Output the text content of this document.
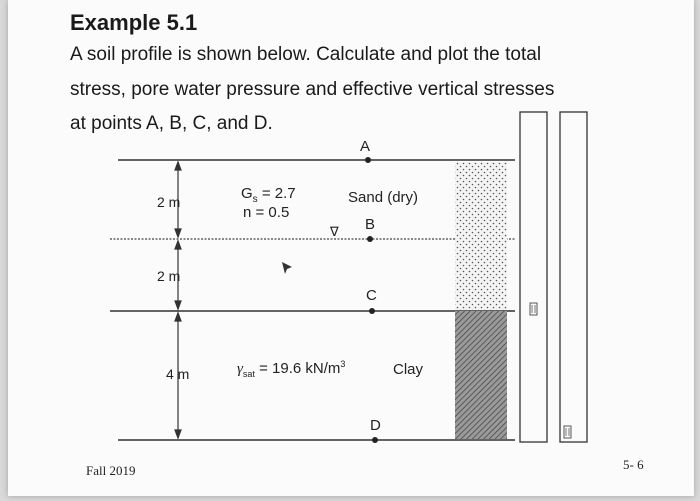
Example 5.1
A soil profile is shown below. Calculate and plot the total
stress, pore water pressure and effective vertical stresses
at points A, B, C, and D.
A
B
C
D
2 m
2 m
4 m
$G_s = 2.7$
n = 0.5
Sand (dry)
∇
$\gamma_{sat} = 19.6$ $kN/m^3$	Clay
Fall 2019	5- 6
